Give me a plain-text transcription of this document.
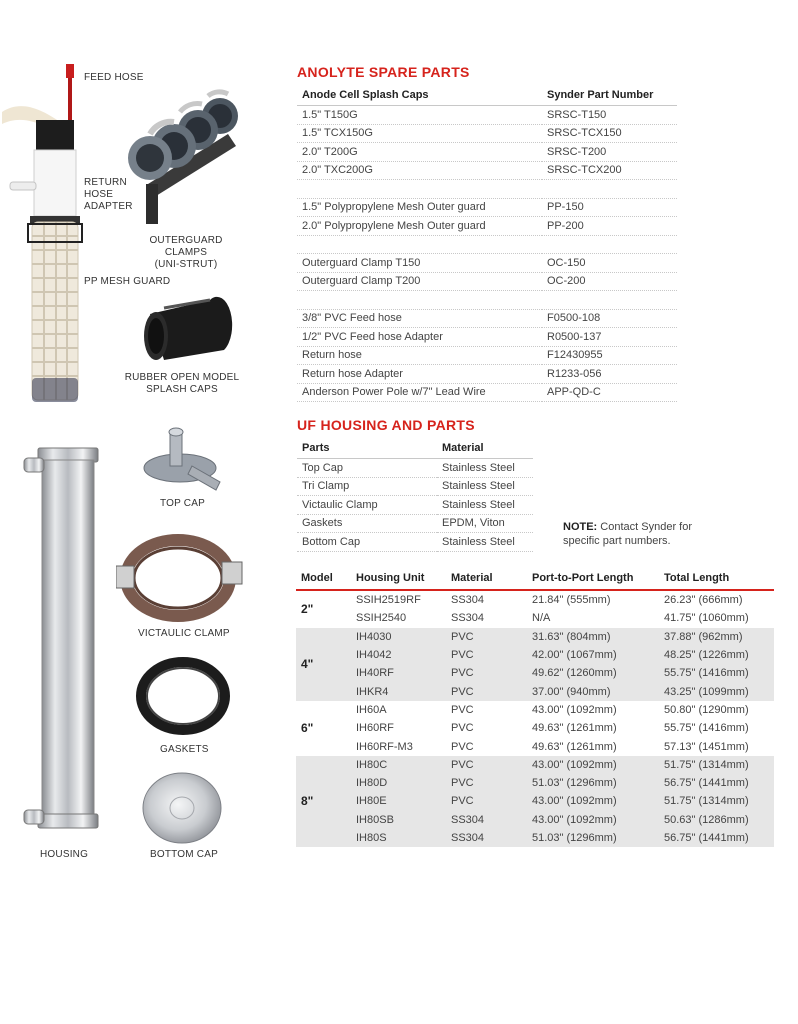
FEED HOSE
RETURN
HOSE
ADAPTER
PP MESH GUARD
OUTERGUARD CLAMPS
(UNI-STRUT)
RUBBER OPEN MODEL
SPLASH CAPS
HOUSING
TOP CAP
VICTAULIC CLAMP
GASKETS
BOTTOM CAP
ANOLYTE SPARE PARTS
Anode Cell Splash Caps	Synder Part Number
1.5" T150G	SRSC-T150
1.5" TCX150G	SRSC-TCX150
2.0" T200G	SRSC-T200
2.0" TXC200G	SRSC-TCX200

1.5" Polypropylene Mesh Outer guard	PP-150
2.0" Polypropylene Mesh Outer guard	PP-200

Outerguard Clamp T150	OC-150
Outerguard Clamp T200	OC-200

3/8" PVC Feed hose	F0500-108
1/2" PVC Feed hose Adapter	R0500-137
Return hose	F12430955
Return hose Adapter	R1233-056
Anderson Power Pole w/7" Lead Wire	APP-QD-C
UF HOUSING AND PARTS
Parts	Material
Top Cap	Stainless Steel
Tri Clamp	Stainless Steel
Victaulic Clamp	Stainless Steel
Gaskets	EPDM, Viton
Bottom Cap	Stainless Steel
NOTE: Contact Synder for
specific part numbers.
Model	Housing Unit	Material	Port-to-Port Length	Total Length
2"	SSIH2519RF	SS304	21.84" (555mm)	26.23" (666mm)
	SSIH2540	SS304	N/A	41.75" (1060mm)
4"	IH4030	PVC	31.63" (804mm)	37.88" (962mm)
	IH4042	PVC	42.00" (1067mm)	48.25" (1226mm)
	IH40RF	PVC	49.62" (1260mm)	55.75" (1416mm)
	IHKR4	PVC	37.00" (940mm)	43.25" (1099mm)
6"	IH60A	PVC	43.00" (1092mm)	50.80" (1290mm)
	IH60RF	PVC	49.63" (1261mm)	55.75" (1416mm)
	IH60RF-M3	PVC	49.63" (1261mm)	57.13" (1451mm)
8"	IH80C	PVC	43.00" (1092mm)	51.75" (1314mm)
	IH80D	PVC	51.03" (1296mm)	56.75" (1441mm)
	IH80E	PVC	43.00" (1092mm)	51.75" (1314mm)
	IH80SB	SS304	43.00" (1092mm)	50.63" (1286mm)
	IH80S	SS304	51.03" (1296mm)	56.75" (1441mm)
